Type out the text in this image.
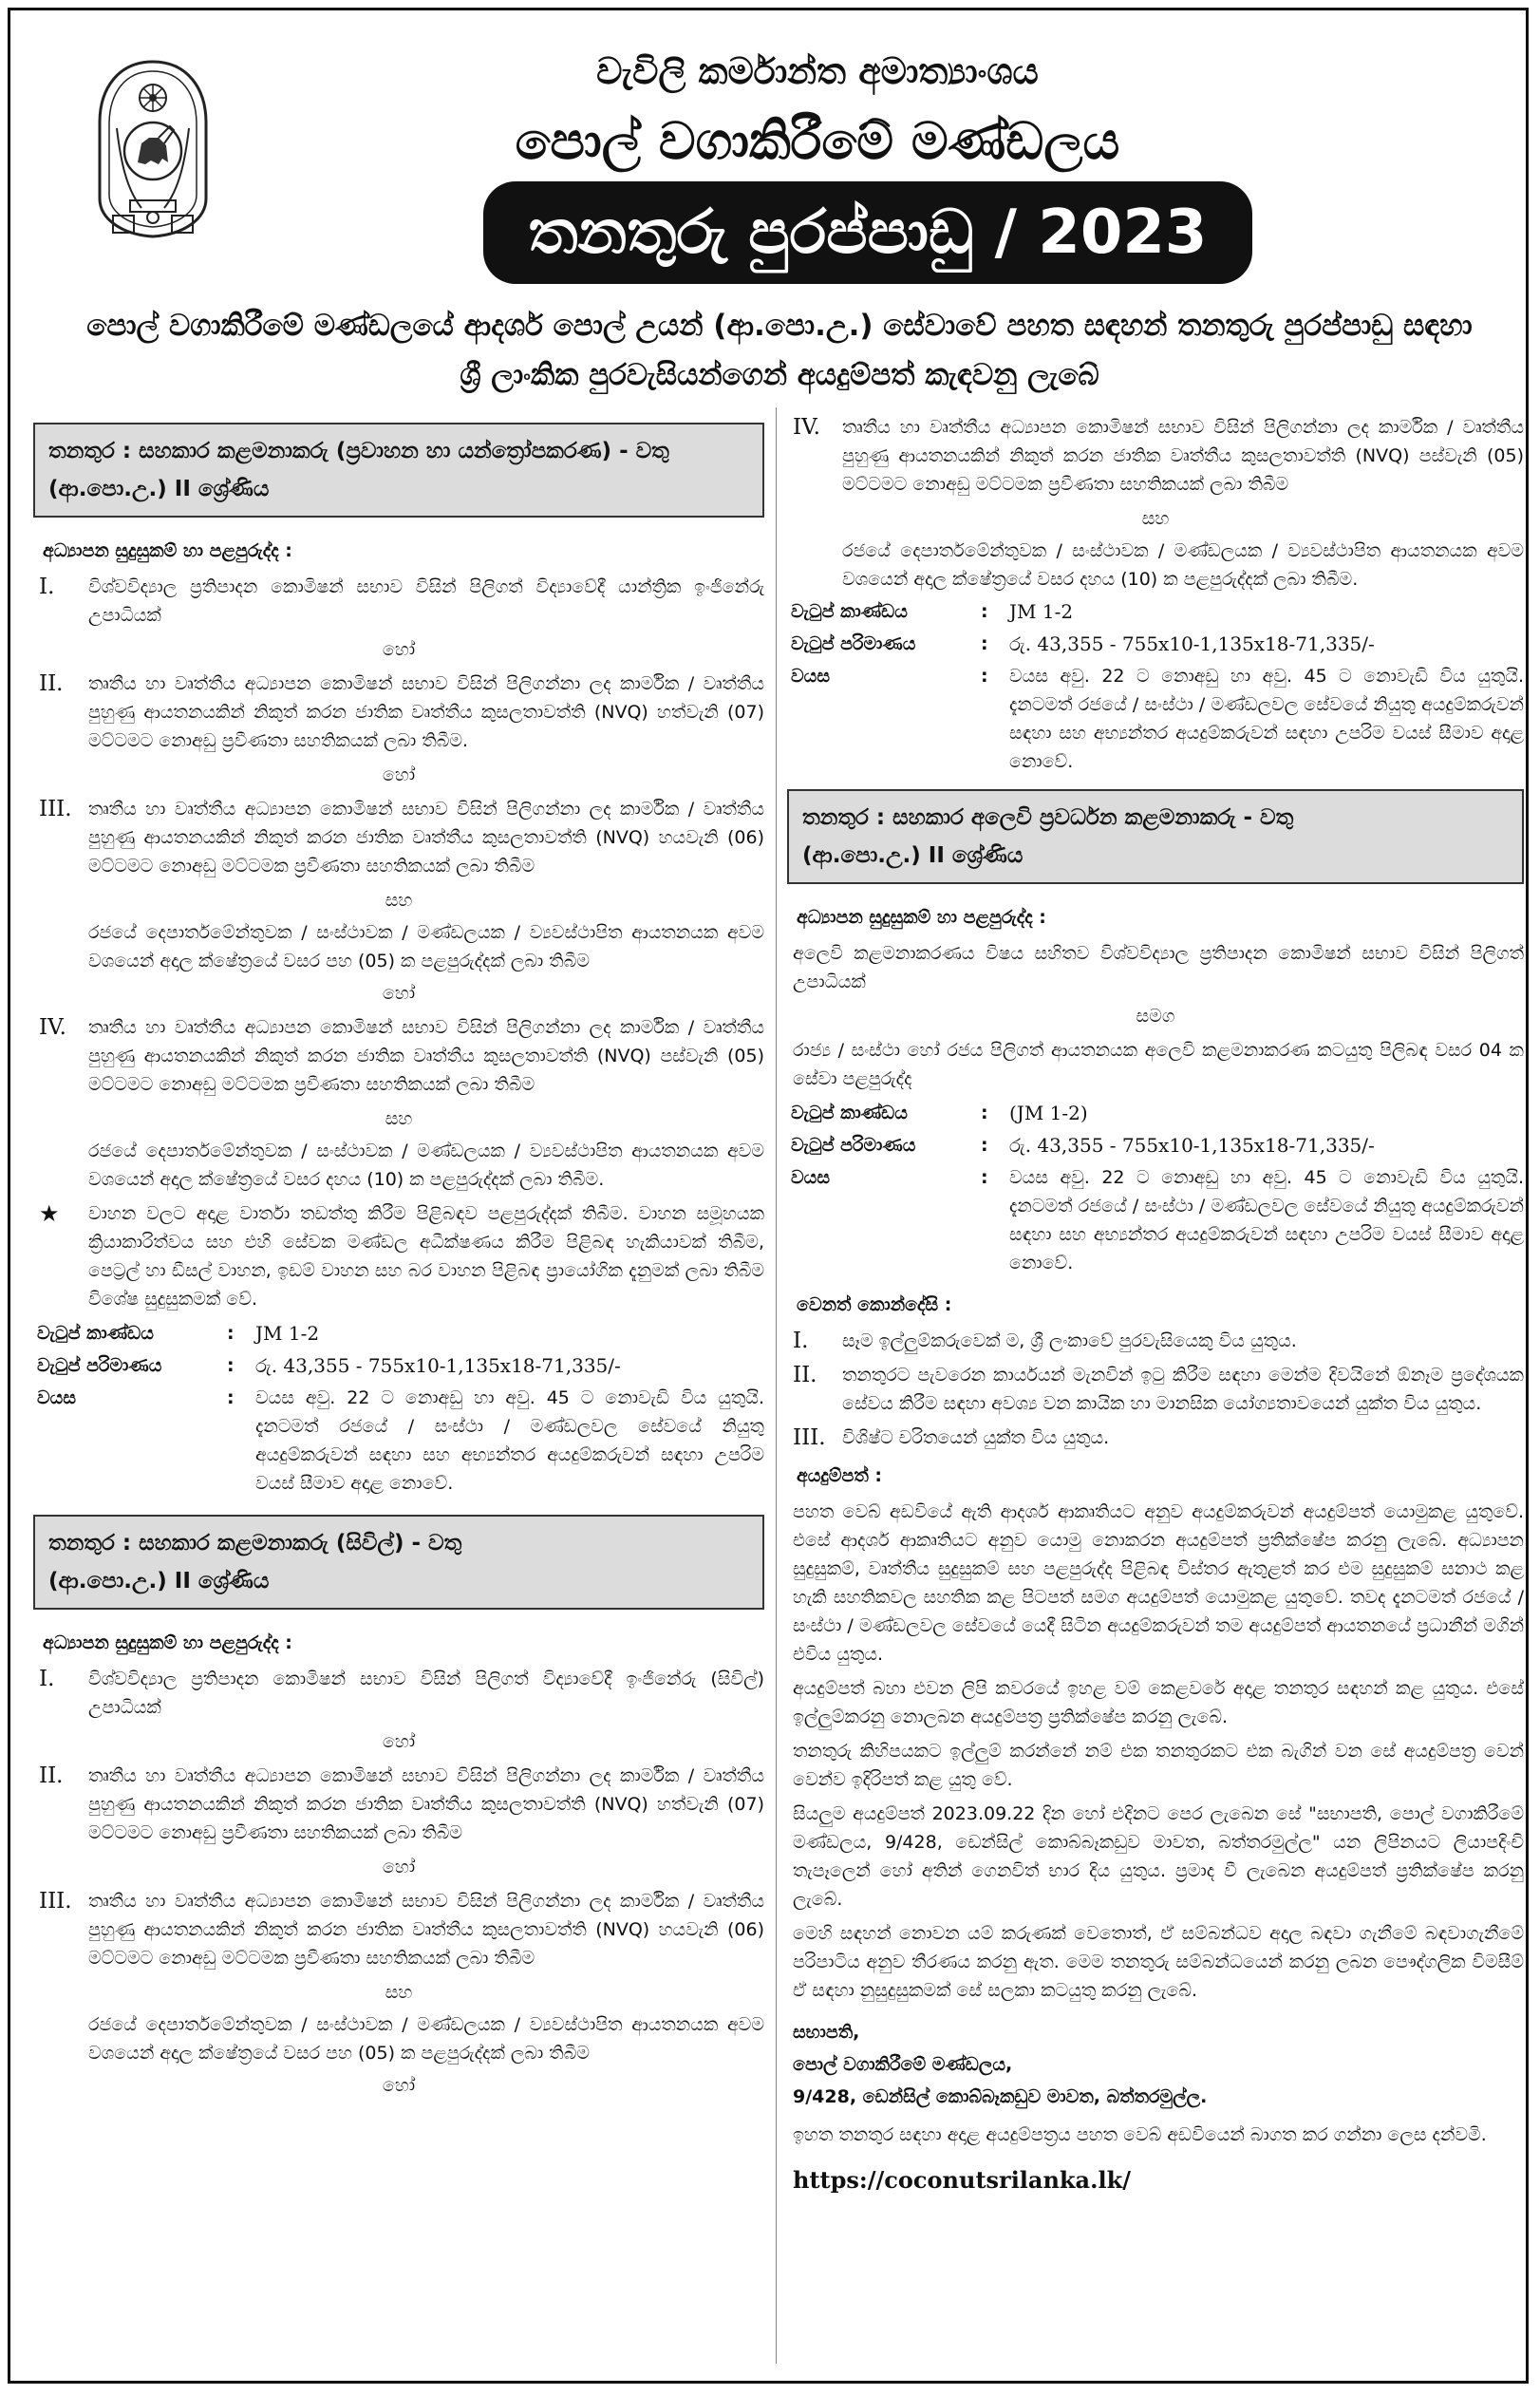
වැවිලි කර්මාන්ත අමාත්‍යාංශය
පොල් වගාකිරීමේ මණ්ඩලය
තනතුරු පුරප්පාඩු / 2023
පොල් වගාකිරීමේ මණ්ඩලයේ ආදර්ශ පොල් උයන් (ආ.පො.උ.) සේවාවේ පහත සඳහන් තනතුරු පුරප්පාඩු සඳහා
ශ්‍රී ලාංකික පුරවැසියන්ගෙන් අයදුම්පත් කැඳවනු ලැබේ
තනතුර : සහකාර කළමනාකරු (ප්‍රවාහන හා යන්ත්‍රෝපකරණ) - වතු
(ආ.පො.උ.) II ශ්‍රේණිය
අධ්‍යාපන සුදුසුකම් හා පළපුරුද්ද :
I.	විශ්වවිද්‍යාල ප්‍රතිපාදන කොමිෂන් සභාව විසින් පිලිගත් විද්‍යාවේදී යාන්ත්‍රික ඉංජිනේරු උපාධියක්
හෝ
II.	තෘතීය හා වෘත්තීය අධ්‍යාපන කොමිෂන් සභාව විසින් පිලිගන්නා ලද කාර්මික / වෘත්තීය පුහුණු ආයතනයකින් නිකුත් කරන ජාතික වෘත්තීය කුසලතාවත්ති (NVQ) හත්වැනි (07) මට්ටමට නොඅඩු ප්‍රවීණතා සහතිකයක් ලබා තිබීම.
හෝ
III. තෘතීය හා වෘත්තීය අධ්‍යාපන කොමිෂන් සභාව විසින් පිලිගන්නා ලද කාර්මික / වෘත්තීය පුහුණු ආයතනයකින් නිකුත් කරන ජාතික වෘත්තීය කුසලතාවත්ති (NVQ) හයවැනි (06) මට්ටමට නොඅඩු මට්ටමක ප්‍රවීණතා සහතිකයක් ලබා තිබීම
සහ
රජයේ දෙපාර්තමේන්තුවක / සංස්ථාවක / මණ්ඩලයක / ව්‍යවස්ථාපිත ආයතනයක අවම වශයෙන් අදාල ක්ෂේත්‍රයේ වසර පහ (05) ක පළපුරුද්දක් ලබා තිබීම
හෝ
IV.	තෘතීය හා වෘත්තීය අධ්‍යාපන කොමිෂන් සභාව විසින් පිලිගන්නා ලද කාර්මික / වෘත්තීය පුහුණු ආයතනයකින් නිකුත් කරන ජාතික වෘත්තීය කුසලතාවත්ති (NVQ) පස්වැනි (05) මට්ටමට නොඅඩු මට්ටමක ප්‍රවීණතා සහතිකයක් ලබා තිබීම
සහ
රජයේ දෙපාර්තමේන්තුවක / සංස්ථාවක / මණ්ඩලයක / ව්‍යවස්ථාපිත ආයතනයක අවම වශයෙන් අදාල ක්ෂේත්‍රයේ වසර දහය (10) ක පළපුරුද්දක් ලබා තිබීම.
★	වාහන වලට අදාළ වාර්තා තඩත්තු කිරීම පිළිබඳව පළපුරුද්දක් තිබීම. වාහන සමූහයක ක්‍රියාකාරිත්වය සහ එහි සේවක මණ්ඩල අධීක්ෂණය කිරීම පිළිබඳ හැකියාවක් තිබීම, පෙට්‍රල් හා ඩීසල් වාහන, ඉඩම් වාහන සහ බර වාහන පිළිබඳ ප්‍රායෝගික දැනුමක් ලබා තිබීම විශේෂ සුදුසුකමක් වේ.
වැටුප් කාණ්ඩය	:	JM 1-2
වැටුප් පරිමාණය	:	රු. 43,355 - 755x10-1,135x18-71,335/-
වයස	:	වයස අවු. 22 ට නොඅඩු හා අවු. 45 ට නොවැඩි විය යුතුයි. දැනටමත් රජයේ / සංස්ථා / මණ්ඩලවල සේවයේ නියුතු අයදුම්කරුවන් සඳහා සහ අභ්‍යන්තර අයදුම්කරුවන් සඳහා උපරිම වයස් සීමාව අදාළ නොවේ.
තනතුර : සහකාර කළමනාකරු (සිවිල්) - වතු
(ආ.පො.උ.) II ශ්‍රේණිය
අධ්‍යාපන සුදුසුකම් හා පළපුරුද්ද :
I.	විශ්වවිද්‍යාල ප්‍රතිපාදන කොමිෂන් සභාව විසින් පිලිගත් විද්‍යාවේදී ඉංජිනේරු (සිවිල්) උපාධියක්
හෝ
II.	තෘතීය හා වෘත්තීය අධ්‍යාපන කොමිෂන් සභාව විසින් පිලිගන්නා ලද කාර්මික / වෘත්තීය පුහුණු ආයතනයකින් නිකුත් කරන ජාතික වෘත්තීය කුසලතාවත්ති (NVQ) හත්වැනි (07) මට්ටමට නොඅඩු ප්‍රවීණතා සහතිකයක් ලබා තිබීම
හෝ
III. තෘතීය හා වෘත්තීය අධ්‍යාපන කොමිෂන් සභාව විසින් පිලිගන්නා ලද කාර්මික / වෘත්තීය පුහුණු ආයතනයකින් නිකුත් කරන ජාතික වෘත්තීය කුසලතාවත්ති (NVQ) හයවැනි (06) මට්ටමට නොඅඩු මට්ටමක ප්‍රවීණතා සහතිකයක් ලබා තිබීම
සහ
රජයේ දෙපාර්තමේන්තුවක / සංස්ථාවක / මණ්ඩලයක / ව්‍යවස්ථාපිත ආයතනයක අවම වශයෙන් අදාල ක්ෂේත්‍රයේ වසර පහ (05) ක පළපුරුද්දක් ලබා තිබීම
හෝ
IV.	තෘතීය හා වෘත්තීය අධ්‍යාපන කොමිෂන් සභාව විසින් පිලිගන්නා ලද කාර්මික / වෘත්තීය පුහුණු ආයතනයකින් නිකුත් කරන ජාතික වෘත්තීය කුසලතාවත්ති (NVQ) පස්වැනි (05) මට්ටමට නොඅඩු මට්ටමක ප්‍රවීණතා සහතිකයක් ලබා තිබීම
සහ
රජයේ දෙපාර්තමේන්තුවක / සංස්ථාවක / මණ්ඩලයක / ව්‍යවස්ථාපිත ආයතනයක අවම වශයෙන් අදාල ක්ෂේත්‍රයේ වසර දහය (10) ක පළපුරුද්දක් ලබා තිබීම.
වැටුප් කාණ්ඩය	:	JM 1-2
වැටුප් පරිමාණය	:	රු. 43,355 - 755x10-1,135x18-71,335/-
වයස	:	වයස අවු. 22 ට නොඅඩු හා අවු. 45 ට නොවැඩි විය යුතුයි. දැනටමත් රජයේ / සංස්ථා / මණ්ඩලවල සේවයේ නියුතු අයදුම්කරුවන් සඳහා සහ අභ්‍යන්තර අයදුම්කරුවන් සඳහා උපරිම වයස් සීමාව අදාළ නොවේ.
තනතුර : සහකාර අලෙවි ප්‍රවර්ධන කළමනාකරු - වතු
(ආ.පො.උ.) II ශ්‍රේණිය
අධ්‍යාපන සුදුසුකම් හා පළපුරුද්ද :
අලෙවි කළමනාකරණය විෂය සහිතව විශ්වවිද්‍යාල ප්‍රතිපාදන කොමිෂන් සභාව විසින් පිලිගත් උපාධියක්
සමග
රාජ්‍ය / සංස්ථා හෝ රජය පිලිගත් ආයතනයක අලෙවි කළමනාකරණ කටයුතු පිලිබඳ වසර 04 ක සේවා පළපුරුද්ද
වැටුප් කාණ්ඩය	:	(JM 1-2)
වැටුප් පරිමාණය	:	රු. 43,355 - 755x10-1,135x18-71,335/-
වයස	:	වයස අවු. 22 ට නොඅඩු හා අවු. 45 ට නොවැඩි විය යුතුයි. දැනටමත් රජයේ / සංස්ථා / මණ්ඩලවල සේවයේ නියුතු අයදුම්කරුවන් සඳහා සහ අභ්‍යන්තර අයදුම්කරුවන් සඳහා උපරිම වයස් සීමාව අදාළ නොවේ.
වෙනත් කොන්දේසි :
I.	සෑම ඉල්ලුම්කරුවෙක් ම, ශ්‍රී ලංකාවේ පුරවැසියෙකු විය යුතුය.
II.	තනතුරට පැවරෙන කාර්යයන් මැනවින් ඉටු කිරීම සඳහා මෙන්ම දිවයිනේ ඕනෑම ප්‍රදේශයක සේවය කිරීම සඳහා අවශ්‍ය වන කායික හා මානසික යෝග්‍යතාවයෙන් යුක්ත විය යුතුය.
III. විශිෂ්ට චරිතයෙන් යුක්ත විය යුතුය.
අයදුම්පත් :
පහත වෙබ් අඩවියේ ඇති ආදර්ශ ආකෘතියට අනුව අයදුම්කරුවන් අයදුම්පත් යොමුකළ යුතුවේ. එසේ ආදර්ශ ආකෘතියට අනුව යොමු නොකරන අයදුම්පත් ප්‍රතික්ෂේප කරනු ලැබේ. අධ්‍යාපන සුදුසුකම්, වෘත්තීය සුදුසුකම් සහ පළපුරුද්ද පිළිබඳ විස්තර ඇතුළත් කර එම සුදුසුකම් සනාථ කළ හැකි සහතිකවල සහතික කළ පිටපත් සමග අයදුම්පත් යොමුකළ යුතුවේ. තවද දැනටමත් රජයේ / සංස්ථා / මණ්ඩලවල සේවයේ යෙදී සිටින අයදුම්කරුවන් තම අයදුම්පත් ආයතනයේ ප්‍රධානීන් මගින් එවිය යුතුය.
අයදුම්පත් බහා එවන ලිපි කවරයේ ඉහළ වම් කෙළවරේ අදාළ තනතුර සඳහන් කළ යුතුය. එසේ ඉල්ලුම්කරනු නොලබන අයදුම්පත්‍ර ප්‍රතික්ෂේප කරනු ලැබේ.
තනතුරු කිහිපයකට ඉල්ලුම් කරන්නේ නම් එක තනතුරකට එක බැගින් වන සේ අයදුම්පත්‍ර වෙන් වෙන්ව ඉදිරිපත් කළ යුතු වේ.
සියලුම අයදුම්පත් 2023.09.22 දින හෝ එදිනට පෙර ලැබෙන සේ "සභාපති, පොල් වගාකිරීමේ මණ්ඩලය, 9/428, ඩෙන්සිල් කොබ්බෑකඩුව මාවත, බත්තරමුල්ල" යන ලිපිනයට ලියාපදිංචි තැපෑලෙන් හෝ අතින් ගෙනවිත් භාර දිය යුතුය. ප්‍රමාද වී ලැබෙන අයදුම්පත් ප්‍රතික්ෂේප කරනු ලැබේ.
මෙහි සඳහන් නොවන යම් කරුණක් වෙතොත්, ඒ සම්බන්ධව අදාල බඳවා ගැනීමේ බඳවාගැනීමේ පරිපාටිය අනුව තීරණය කරනු ඇත. මෙම තනතුරු සම්බන්ධයෙන් කරනු ලබන පෞද්ගලික විමසීම් ඒ සඳහා නුසුදුසුකමක් සේ සලකා කටයුතු කරනු ලැබේ.
සභාපති,
පොල් වගාකිරීමේ මණ්ඩලය,
9/428, ඩෙන්සිල් කොබ්බෑකඩුව මාවත, බත්තරමුල්ල.
ඉහත තනතුර සඳහා අදාළ අයදුම්පත්‍රය පහත වෙබ් අඩවියෙන් බාගත කර ගන්නා ලෙස දන්වමි.
https://coconutsrilanka.lk/
